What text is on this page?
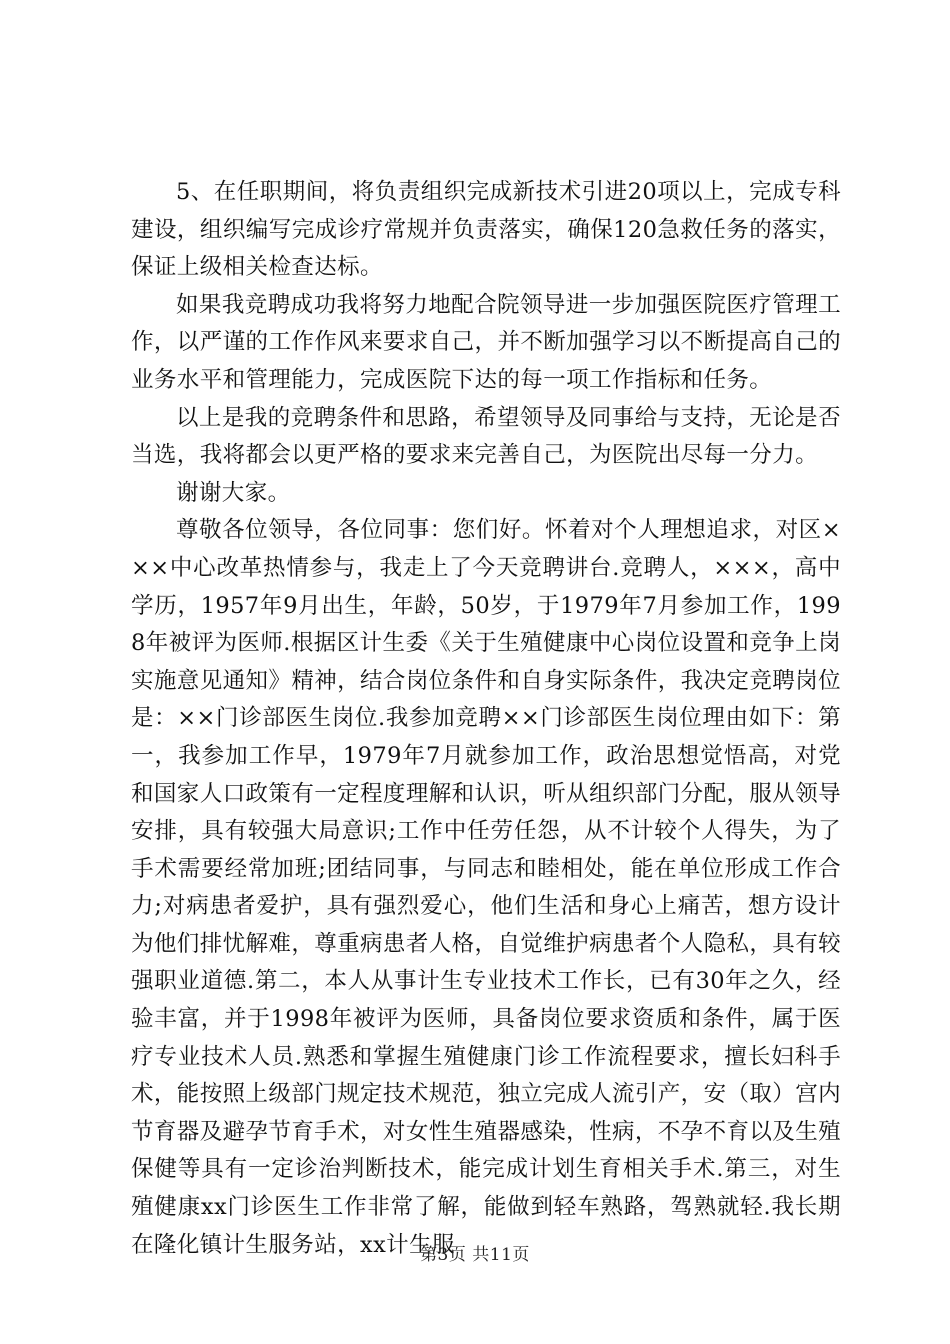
5、在任职期间，将负责组织完成新技术引进20项以上，完成专科建设，组织编写完成诊疗常规并负责落实，确保120急救任务的落实，保证上级相关检查达标。

如果我竞聘成功我将努力地配合院领导进一步加强医院医疗管理工作，以严谨的工作作风来要求自己，并不断加强学习以不断提高自己的业务水平和管理能力，完成医院下达的每一项工作指标和任务。

以上是我的竞聘条件和思路，希望领导及同事给与支持，无论是否当选，我将都会以更严格的要求来完善自己，为医院出尽每一分力。

谢谢大家。

尊敬各位领导，各位同事：您们好。怀着对个人理想追求，对区×××中心改革热情参与，我走上了今天竞聘讲台.竞聘人，×××，高中学历，1957年9月出生，年龄，50岁，于1979年7月参加工作，1998年被评为医师.根据区计生委《关于生殖健康中心岗位设置和竞争上岗实施意见通知》精神，结合岗位条件和自身实际条件，我决定竞聘岗位是：××门诊部医生岗位.我参加竞聘××门诊部医生岗位理由如下：第一，我参加工作早，1979年7月就参加工作，政治思想觉悟高，对党和国家人口政策有一定程度理解和认识，听从组织部门分配，服从领导安排，具有较强大局意识;工作中任劳任怨，从不计较个人得失，为了手术需要经常加班;团结同事，与同志和睦相处，能在单位形成工作合力;对病患者爱护，具有强烈爱心，他们生活和身心上痛苦，想方设计为他们排忧解难，尊重病患者人格，自觉维护病患者个人隐私，具有较强职业道德.第二，本人从事计生专业技术工作长，已有30年之久，经验丰富，并于1998年被评为医师，具备岗位要求资质和条件，属于医疗专业技术人员.熟悉和掌握生殖健康门诊工作流程要求，擅长妇科手术，能按照上级部门规定技术规范，独立完成人流引产，安（取）宫内节育器及避孕节育手术，对女性生殖器感染，性病，不孕不育以及生殖保健等具有一定诊治判断技术，能完成计划生育相关手术.第三，对生殖健康xx门诊医生工作非常了解，能做到轻车熟路，驾熟就轻.我长期在隆化镇计生服务站，xx计生服

第3页 共11页
